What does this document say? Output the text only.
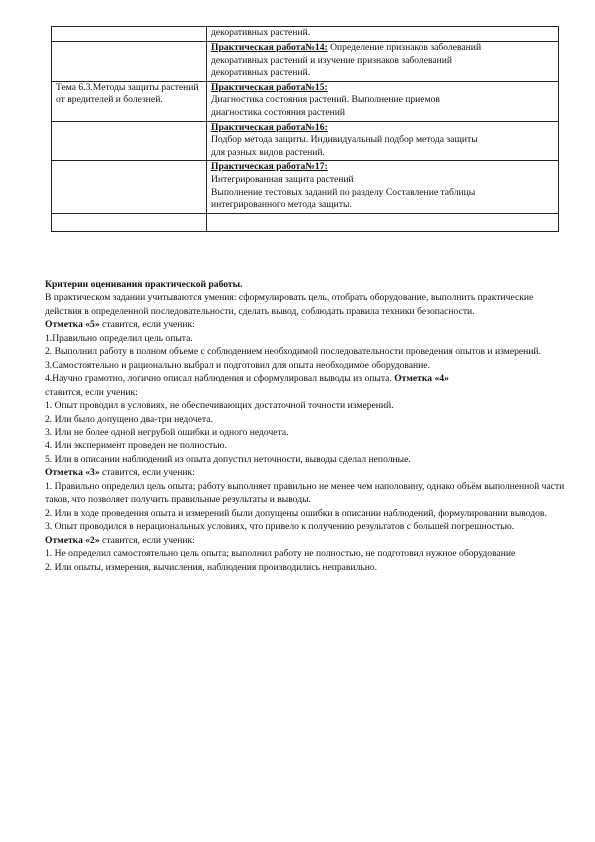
	декоративных растений.

	Практическая работа№14: Определение признаков заболеваний
декоративных растений и изучение признаков заболеваний
декоративных растений.

Тема 6.3.Методы защиты растений от вредителей и болезней.	Практическая работа№15:
Диагностика состояния растений. Выполнение приемов
диагностика состояния растений

	Практическая работа№16:
Подбор метода защиты. Индивидуальный подбор метода защиты
для разных видов растений.

	Практическая работа№17:
Интегрированная защита растений
Выполнение тестовых заданий по разделу Составление таблицы
интегрированного метода защиты.

Критерии оценивания практической работы.

В практическом задании учитываются умения: сформулировать цель, отобрать оборудование, выполнить практические действия в определенной последовательности, сделать вывод, соблюдать правила техники безопасности.

Отметка «5» ставится, если ученик:

1.Правильно определил цель опыта.

2. Выполнил работу в полном объеме с соблюдением необходимой последовательности проведения опытов и измерений.

3.Самостоятельно и рационально выбрал и подготовил для опыта необходимое оборудование.

4.Научно грамотно, логично описал наблюдения и сформулировал выводы из опыта. Отметка «4»

ставится, если ученик:

1. Опыт проводил в условиях, не обеспечивающих достаточной точности измерений.

2. Или было допущено два-три недочета.

3. Или не более одной негрубой ошибки и одного недочета.

4. Или эксперимент проведен не полностью.

5. Или в описании наблюдений из опыта допустил неточности, выводы сделал неполные.

Отметка «3» ставится, если ученик:

1. Правильно определил цель опыта; работу выполняет правильно не менее чем наполовину, однако объём выполненной части таков, что позволяет получить правильные результаты и выводы.

2. Или в ходе проведения опыта и измерений были допущены ошибки в описании наблюдений, формулировании выводов.

3. Опыт проводился в нерациональных условиях, что привело к получению результатов с большей погрешностью.

Отметка «2» ставится, если ученик:

1. Не определил самостоятельно цель опыта; выполнил работу не полностью, не подготовил нужное оборудование

2. Или опыты, измерения, вычисления, наблюдения производились неправильно.
